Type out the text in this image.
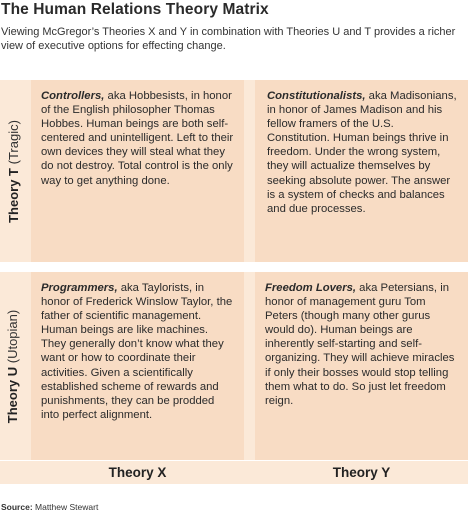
The Human Relations Theory Matrix
Viewing McGregor’s Theories X and Y in combination with Theories U and T provides a richer view of executive options for effecting change.
Theory T (Tragic)
Theory U (Utopian)
Controllers, aka Hobbesists, in honor of the English philosopher Thomas Hobbes. Human beings are both self-centered and unintelligent. Left to their own devices they will steal what they do not destroy. Total control is the only way to get anything done.
Constitutionalists, aka Madisonians, in honor of James Madison and his fellow framers of the U.S. Constitution. Human beings thrive in freedom. Under the wrong system, they will actualize themselves by seeking absolute power. The answer is a system of checks and balances and due processes.
Programmers, aka Taylorists, in honor of Frederick Winslow Taylor, the father of scientific management. Human beings are like machines. They generally don’t know what they want or how to coordinate their activities. Given a scientifically established scheme of rewards and punishments, they can be prodded into perfect alignment.
Freedom Lovers, aka Petersians, in honor of management guru Tom Peters (though many other gurus would do). Human beings are inherently self-starting and self-organizing. They will achieve miracles if only their bosses would stop telling them what to do. So just let freedom reign.
Theory X	Theory Y
Source: Matthew Stewart
